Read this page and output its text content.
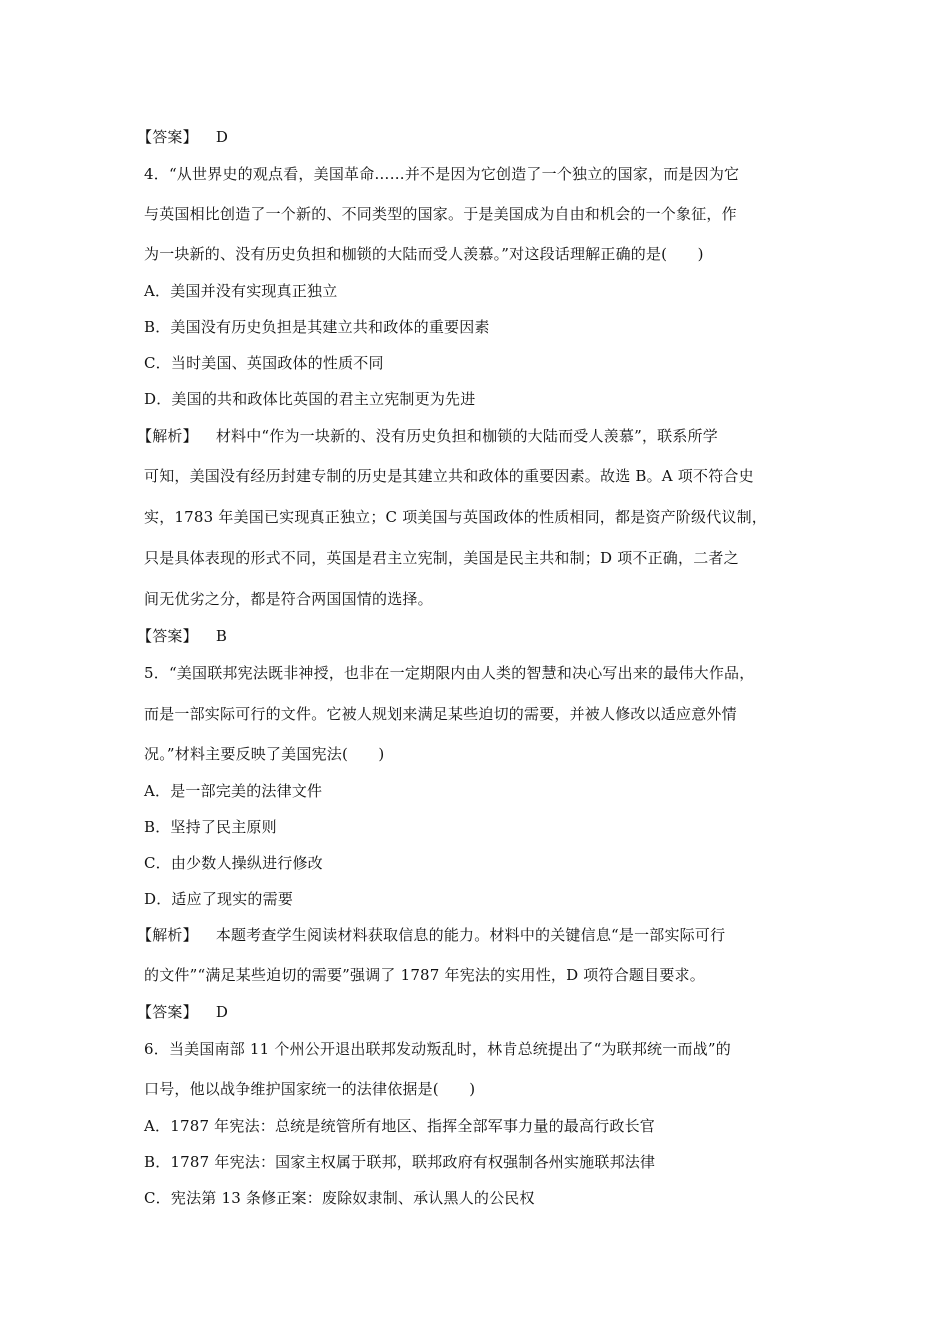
【答案】 D
4．“从世界史的观点看，美国革命……并不是因为它创造了一个独立的国家，而是因为它
与英国相比创造了一个新的、不同类型的国家。于是美国成为自由和机会的一个象征，作
为一块新的、没有历史负担和枷锁的大陆而受人羡慕。”对这段话理解正确的是(　　)
A．美国并没有实现真正独立
B．美国没有历史负担是其建立共和政体的重要因素
C．当时美国、英国政体的性质不同
D．美国的共和政体比英国的君主立宪制更为先进
【解析】 材料中“作为一块新的、没有历史负担和枷锁的大陆而受人羡慕”，联系所学
可知，美国没有经历封建专制的历史是其建立共和政体的重要因素。故选 B。A 项不符合史
实，1783 年美国已实现真正独立；C 项美国与英国政体的性质相同，都是资产阶级代议制，
只是具体表现的形式不同，英国是君主立宪制，美国是民主共和制；D 项不正确，二者之
间无优劣之分，都是符合两国国情的选择。
【答案】 B
5．“美国联邦宪法既非神授，也非在一定期限内由人类的智慧和决心写出来的最伟大作品，
而是一部实际可行的文件。它被人规划来满足某些迫切的需要，并被人修改以适应意外情
况。”材料主要反映了美国宪法(　　)
A．是一部完美的法律文件
B．坚持了民主原则
C．由少数人操纵进行修改
D．适应了现实的需要
【解析】 本题考查学生阅读材料获取信息的能力。材料中的关键信息“是一部实际可行
的文件”“满足某些迫切的需要”强调了 1787 年宪法的实用性，D 项符合题目要求。
【答案】 D
6．当美国南部 11 个州公开退出联邦发动叛乱时，林肯总统提出了“为联邦统一而战”的
口号，他以战争维护国家统一的法律依据是(　　)
A．1787 年宪法：总统是统管所有地区、指挥全部军事力量的最高行政长官
B．1787 年宪法：国家主权属于联邦，联邦政府有权强制各州实施联邦法律
C．宪法第 13 条修正案：废除奴隶制、承认黑人的公民权
